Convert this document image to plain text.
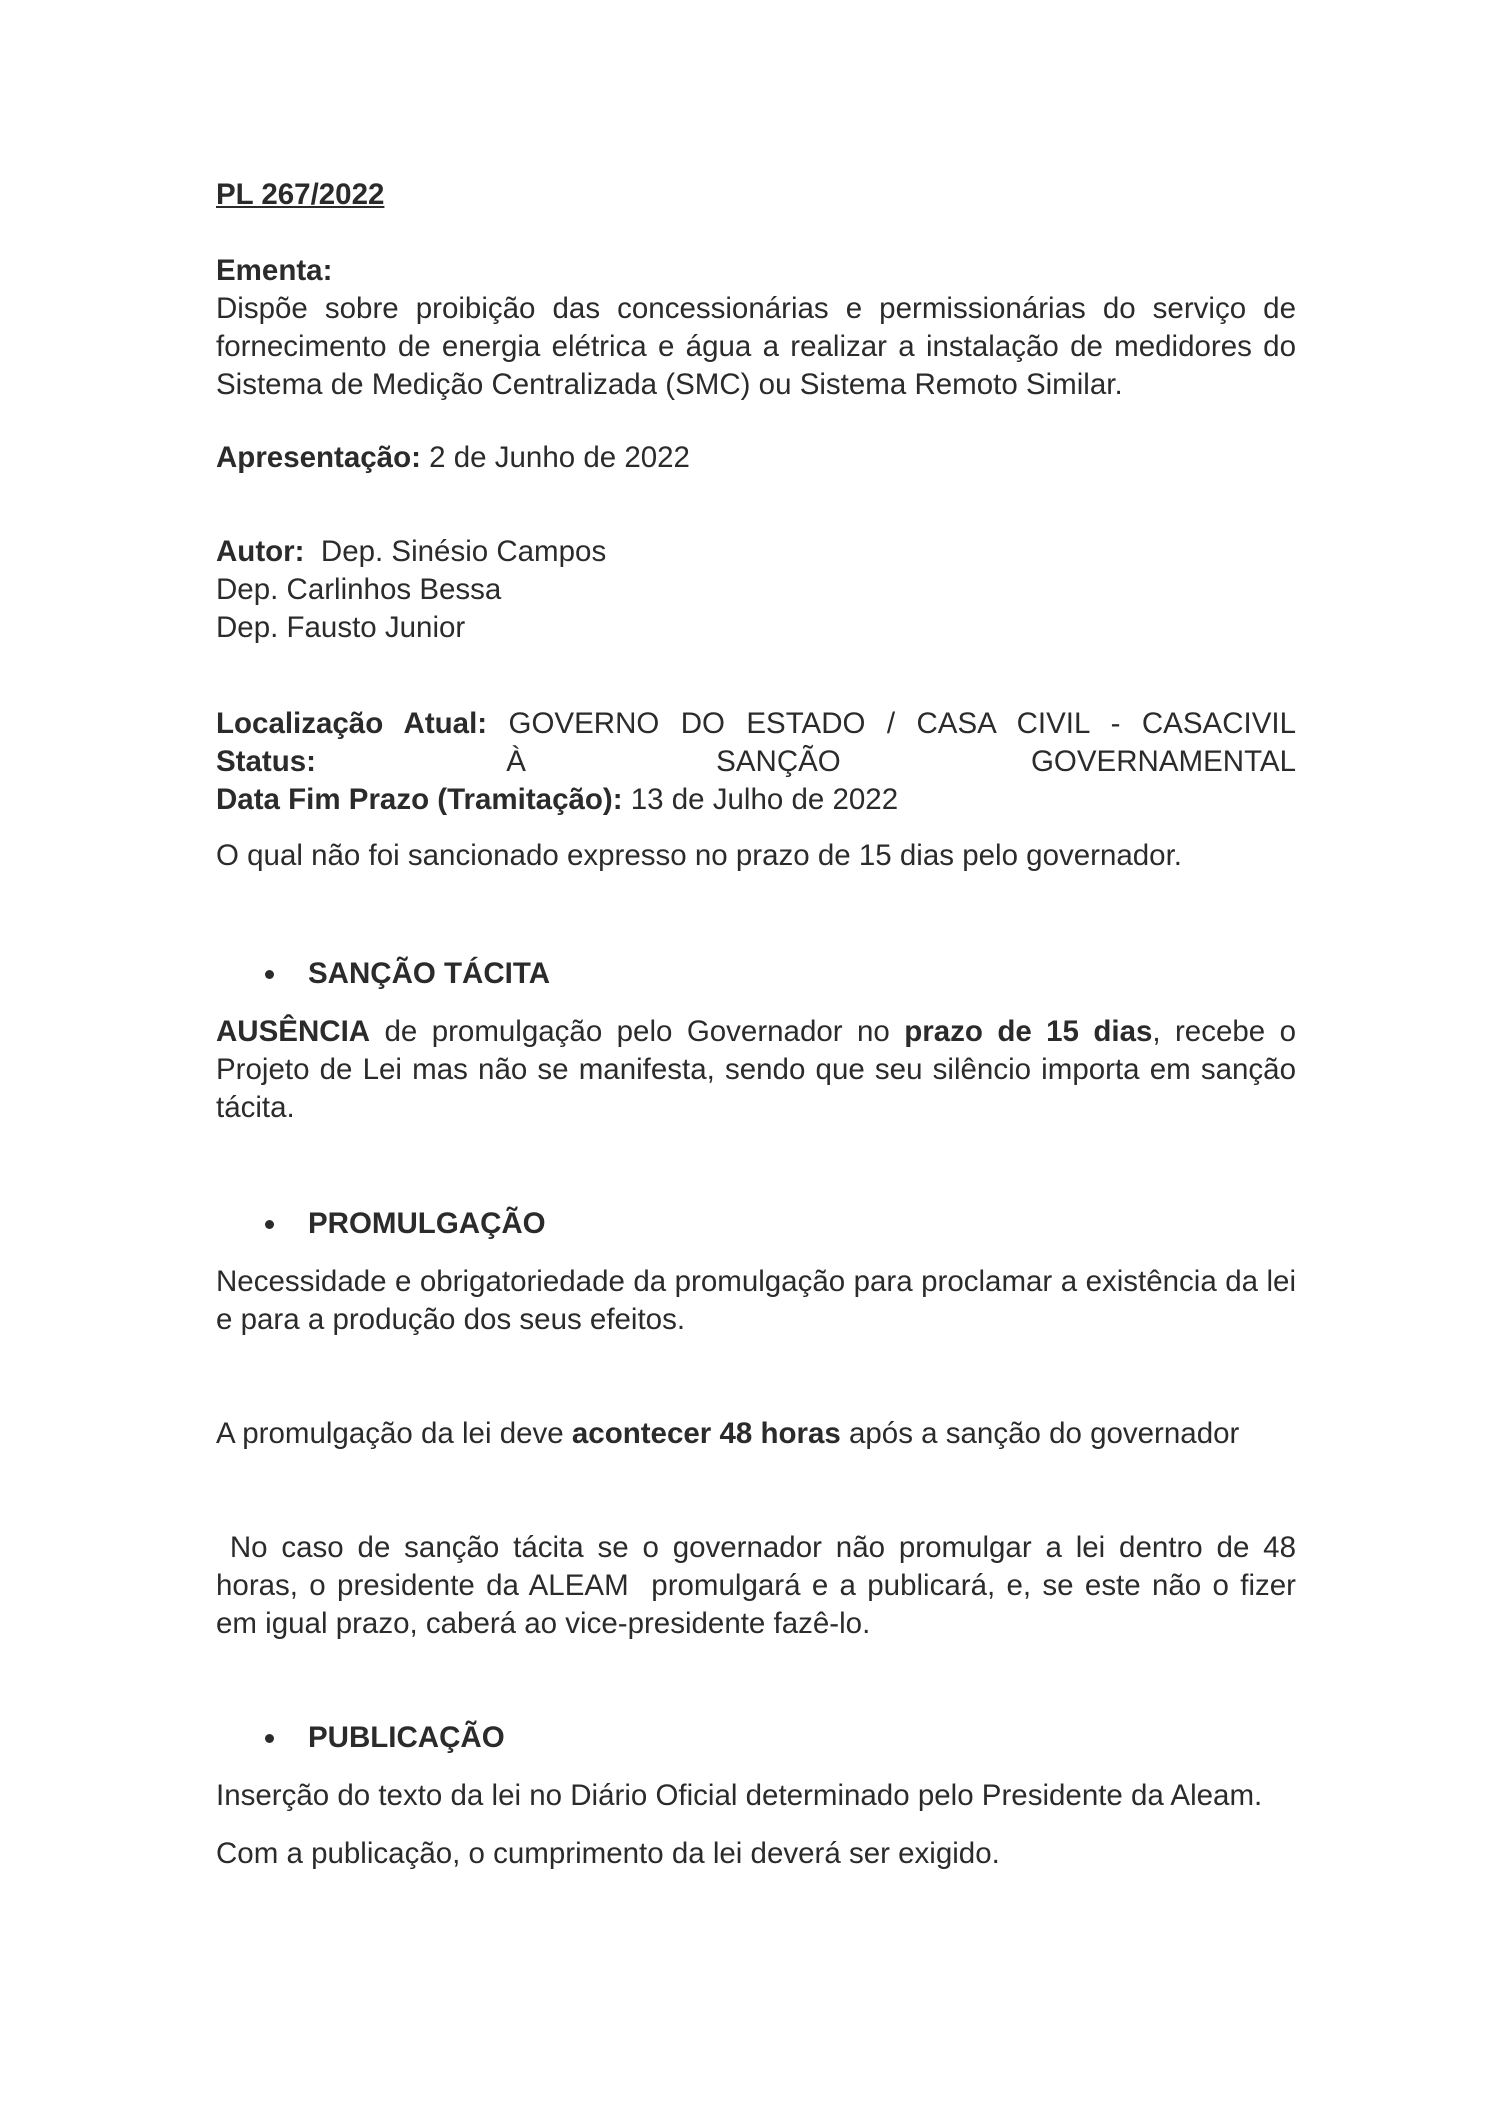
PL 267/2022

Ementa:

Dispõe sobre proibição das concessionárias e permissionárias do serviço de fornecimento de energia elétrica e água a realizar a instalação de medidores do Sistema de Medição Centralizada (SMC) ou Sistema Remoto Similar.

Apresentação: 2 de Junho de 2022

Autor: Dep. Sinésio Campos

Dep. Carlinhos Bessa

Dep. Fausto Junior

Localização Atual: GOVERNO DO ESTADO / CASA CIVIL - CASACIVIL

Status:	À SANÇÃO GOVERNAMENTAL

Data Fim Prazo (Tramitação): 13 de Julho de 2022

O qual não foi sancionado expresso no prazo de 15 dias pelo governador.

SANÇÃO TÁCITA

AUSÊNCIA de promulgação pelo Governador no prazo de 15 dias, recebe o Projeto de Lei mas não se manifesta, sendo que seu silêncio importa em sanção tácita.

PROMULGAÇÃO

Necessidade e obrigatoriedade da promulgação para proclamar a existência da lei e para a produção dos seus efeitos.

A promulgação da lei deve acontecer 48 horas após a sanção do governador

No caso de sanção tácita se o governador não promulgar a lei dentro de 48 horas, o presidente da ALEAM  promulgará e a publicará, e, se este não o fizer em igual prazo, caberá ao vice-presidente fazê-lo.

PUBLICAÇÃO

Inserção do texto da lei no Diário Oficial determinado pelo Presidente da Aleam.

Com a publicação, o cumprimento da lei deverá ser exigido.
